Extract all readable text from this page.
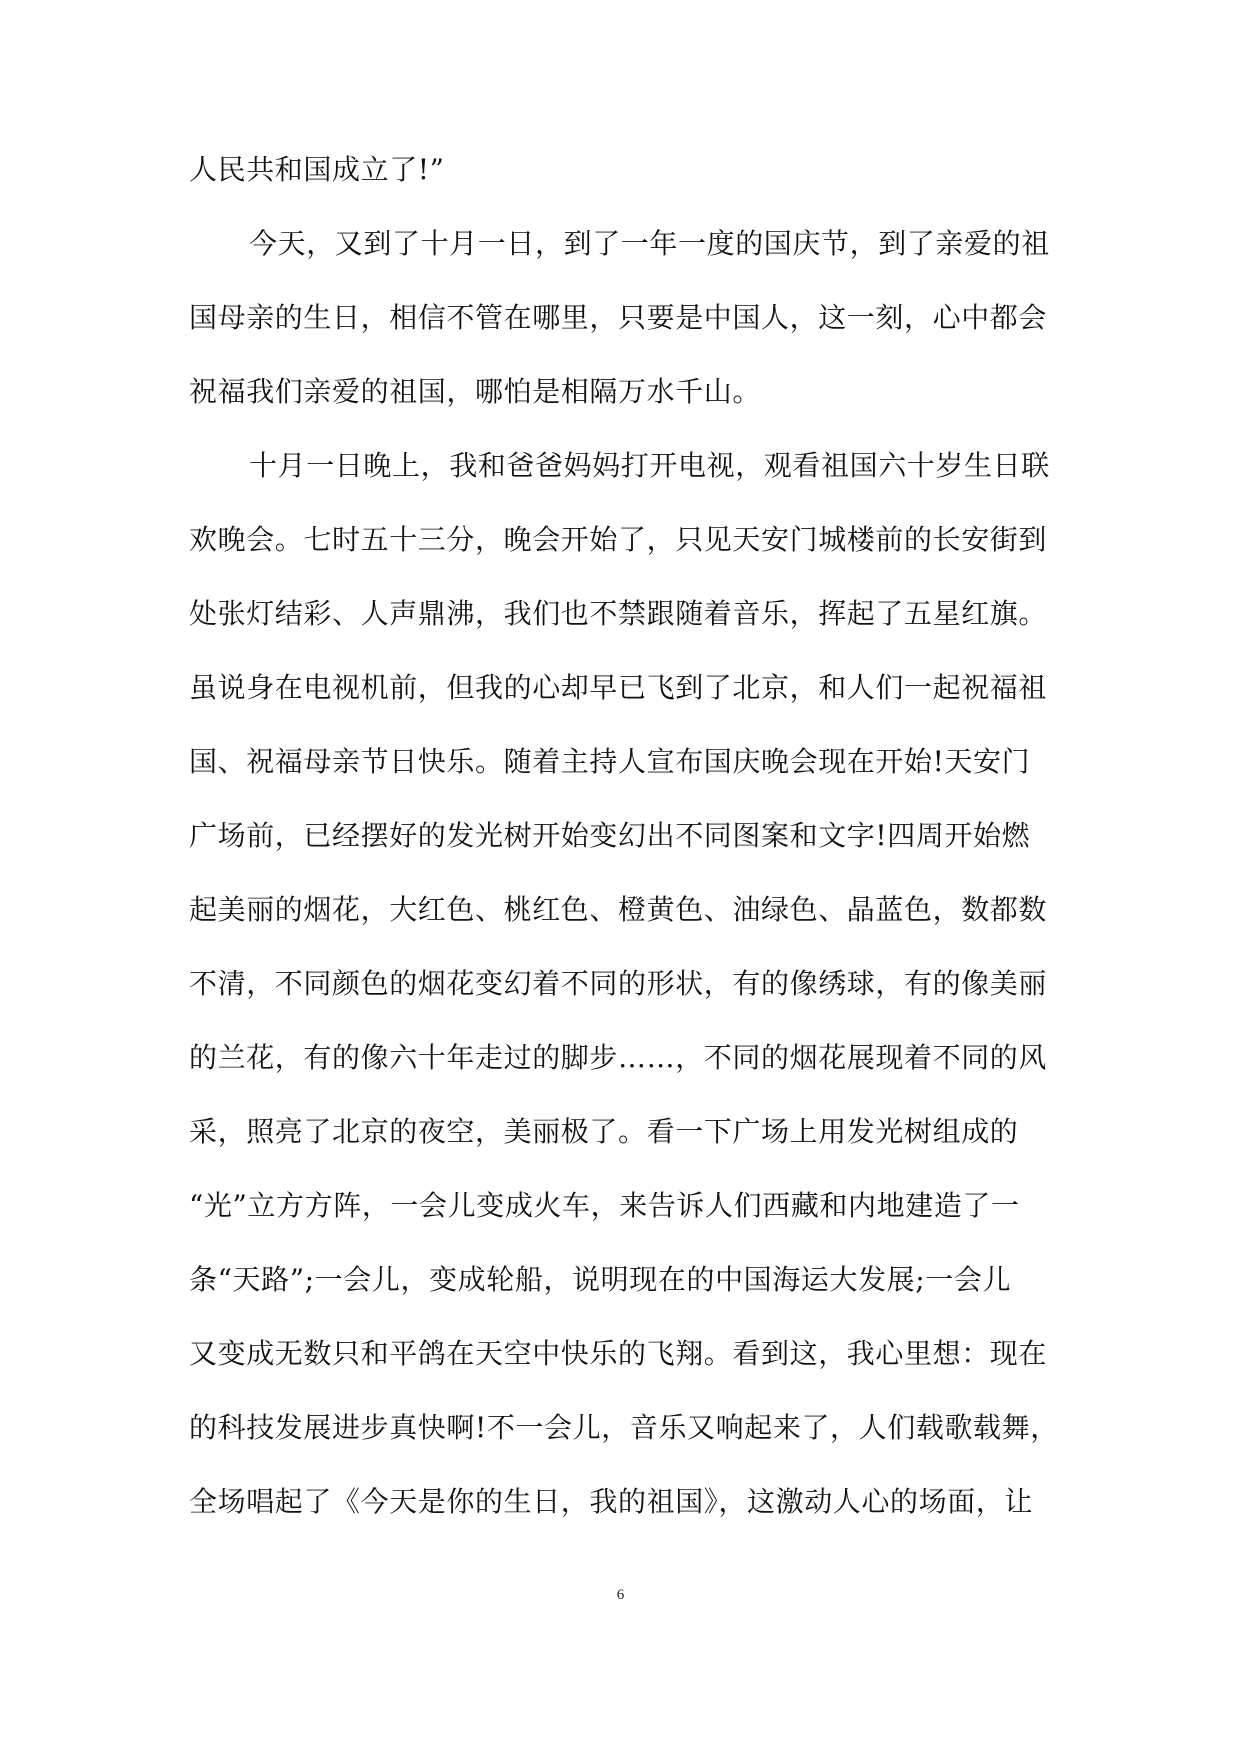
人民共和国成立了!”
今天，又到了十月一日，到了一年一度的国庆节，到了亲爱的祖
国母亲的生日，相信不管在哪里，只要是中国人，这一刻，心中都会
祝福我们亲爱的祖国，哪怕是相隔万水千山。
十月一日晚上，我和爸爸妈妈打开电视，观看祖国六十岁生日联
欢晚会。七时五十三分，晚会开始了，只见天安门城楼前的长安街到
处张灯结彩、人声鼎沸，我们也不禁跟随着音乐，挥起了五星红旗。
虽说身在电视机前，但我的心却早已飞到了北京，和人们一起祝福祖
国、祝福母亲节日快乐。随着主持人宣布国庆晚会现在开始!天安门
广场前，已经摆好的发光树开始变幻出不同图案和文字!四周开始燃
起美丽的烟花，大红色、桃红色、橙黄色、油绿色、晶蓝色，数都数
不清，不同颜色的烟花变幻着不同的形状，有的像绣球，有的像美丽
的兰花，有的像六十年走过的脚步……，不同的烟花展现着不同的风
采，照亮了北京的夜空，美丽极了。看一下广场上用发光树组成的
“光”立方方阵，一会儿变成火车，来告诉人们西藏和内地建造了一
条“天路”;一会儿，变成轮船，说明现在的中国海运大发展;一会儿
又变成无数只和平鸽在天空中快乐的飞翔。看到这，我心里想：现在
的科技发展进步真快啊!不一会儿，音乐又响起来了，人们载歌载舞，
全场唱起了《今天是你的生日，我的祖国》，这激动人心的场面，让
6
